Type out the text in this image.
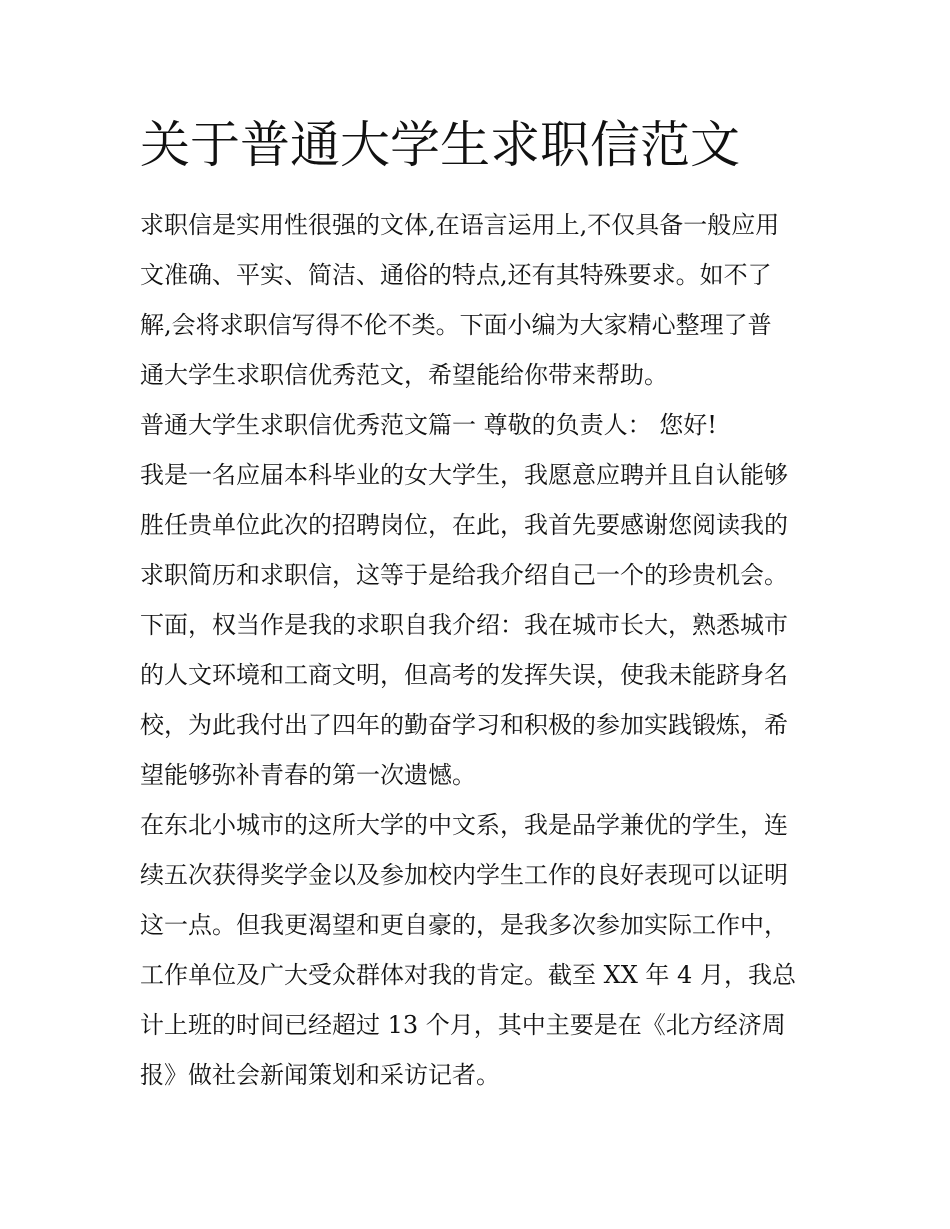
关于普通大学生求职信范文
求职信是实用性很强的文体,在语言运用上,不仅具备一般应用
文准确、平实、简洁、通俗的特点,还有其特殊要求。如不了
解,会将求职信写得不伦不类。下面小编为大家精心整理了普
通大学生求职信优秀范文，希望能给你带来帮助。
普通大学生求职信优秀范文篇一 尊敬的负责人： 您好!
我是一名应届本科毕业的女大学生，我愿意应聘并且自认能够
胜任贵单位此次的招聘岗位，在此，我首先要感谢您阅读我的
求职简历和求职信，这等于是给我介绍自己一个的珍贵机会。
下面，权当作是我的求职自我介绍：我在城市长大，熟悉城市
的人文环境和工商文明，但高考的发挥失误，使我未能跻身名
校，为此我付出了四年的勤奋学习和积极的参加实践锻炼，希
望能够弥补青春的第一次遗憾。
在东北小城市的这所大学的中文系，我是品学兼优的学生，连
续五次获得奖学金以及参加校内学生工作的良好表现可以证明
这一点。但我更渴望和更自豪的，是我多次参加实际工作中，
工作单位及广大受众群体对我的肯定。截至 XX 年 4 月，我总
计上班的时间已经超过 13 个月，其中主要是在《北方经济周
报》做社会新闻策划和采访记者。
